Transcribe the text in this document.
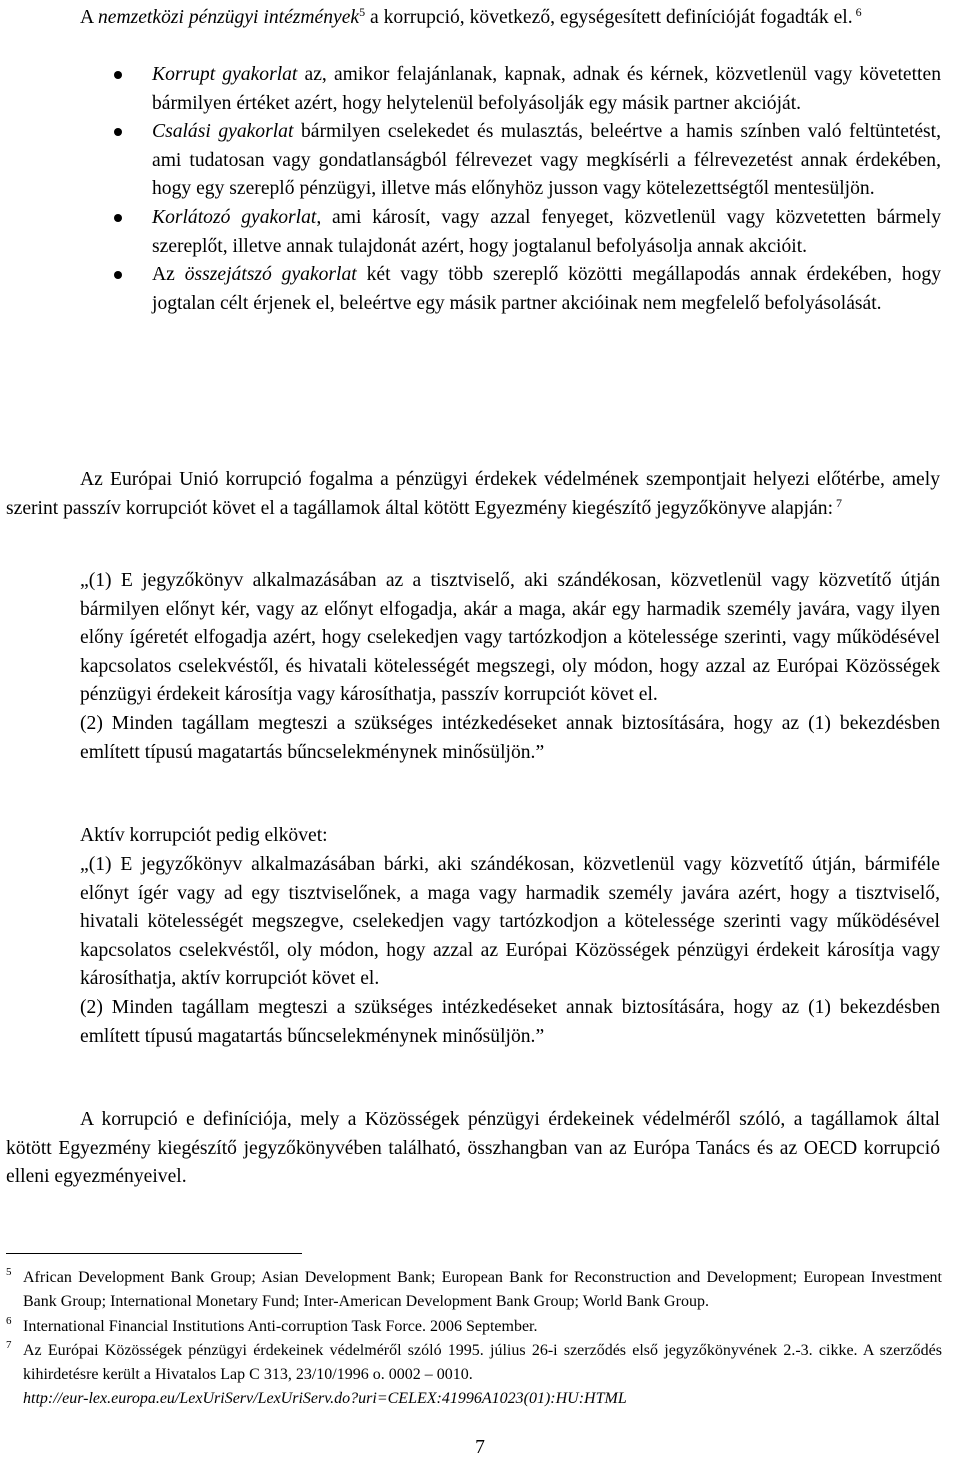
A nemzetközi pénzügyi intézmények$^5$ a korrupció, következő, egységesített definícióját fogadták el. $^6$

Korrupt gyakorlat az, amikor felajánlanak, kapnak, adnak és kérnek, közvetlenül vagy követetten bármilyen értéket azért, hogy helytelenül befolyásolják egy másik partner akcióját.

Csalási gyakorlat bármilyen cselekedet és mulasztás, beleértve a hamis színben való feltüntetést, ami tudatosan vagy gondatlanságból félrevezet vagy megkísérli a félrevezetést annak érdekében, hogy egy szereplő pénzügyi, illetve más előnyhöz jusson vagy kötelezettségtől mentesüljön.

Korlátozó gyakorlat, ami károsít, vagy azzal fenyeget, közvetlenül vagy közvetetten bármely szereplőt, illetve annak tulajdonát azért, hogy jogtalanul befolyásolja annak akcióit.

Az összejátszó gyakorlat két vagy több szereplő közötti megállapodás annak érdekében, hogy jogtalan célt érjenek el, beleértve egy másik partner akcióinak nem megfelelő befolyásolását.

Az Európai Unió korrupció fogalma a pénzügyi érdekek védelmének szempontjait helyezi előtérbe, amely szerint passzív korrupciót követ el a tagállamok által kötött Egyezmény kiegészítő jegyzőkönyve alapján: $^7$

„(1) E jegyzőkönyv alkalmazásában az a tisztviselő, aki szándékosan, közvetlenül vagy közvetítő útján bármilyen előnyt kér, vagy az előnyt elfogadja, akár a maga, akár egy harmadik személy javára, vagy ilyen előny ígéretét elfogadja azért, hogy cselekedjen vagy tartózkodjon a kötelessége szerinti, vagy működésével kapcsolatos cselekvéstől, és hivatali kötelességét megszegi, oly módon, hogy azzal az Európai Közösségek pénzügyi érdekeit károsítja vagy károsíthatja, passzív korrupciót követ el.

(2) Minden tagállam megteszi a szükséges intézkedéseket annak biztosítására, hogy az (1) bekezdésben említett típusú magatartás bűncselekménynek minősüljön.”

Aktív korrupciót pedig elkövet:

„(1) E jegyzőkönyv alkalmazásában bárki, aki szándékosan, közvetlenül vagy közvetítő útján, bármiféle előnyt ígér vagy ad egy tisztviselőnek, a maga vagy harmadik személy javára azért, hogy a tisztviselő, hivatali kötelességét megszegve, cselekedjen vagy tartózkodjon a kötelessége szerinti vagy működésével kapcsolatos cselekvéstől, oly módon, hogy azzal az Európai Közösségek pénzügyi érdekeit károsítja vagy károsíthatja, aktív korrupciót követ el.

(2) Minden tagállam megteszi a szükséges intézkedéseket annak biztosítására, hogy az (1) bekezdésben említett típusú magatartás bűncselekménynek minősüljön.”

A korrupció e definíciója, mely a Közösségek pénzügyi érdekeinek védelméről szóló, a tagállamok által kötött Egyezmény kiegészítő jegyzőkönyvében található, összhangban van az Európa Tanács és az OECD korrupció elleni egyezményeivel.

5 African Development Bank Group; Asian Development Bank; European Bank for Reconstruction and Development; European Investment Bank Group; International Monetary Fund; Inter-American Development Bank Group; World Bank Group.
6 International Financial Institutions Anti-corruption Task Force. 2006 September.
7 Az Európai Közösségek pénzügyi érdekeinek védelméről szóló 1995. július 26-i szerződés első jegyzőkönyvének 2.-3. cikke. A szerződés kihirdetésre került a Hivatalos Lap C 313, 23/10/1996 o. 0002 – 0010.
http://eur-lex.europa.eu/LexUriServ/LexUriServ.do?uri=CELEX:41996A1023(01):HU:HTML
7
